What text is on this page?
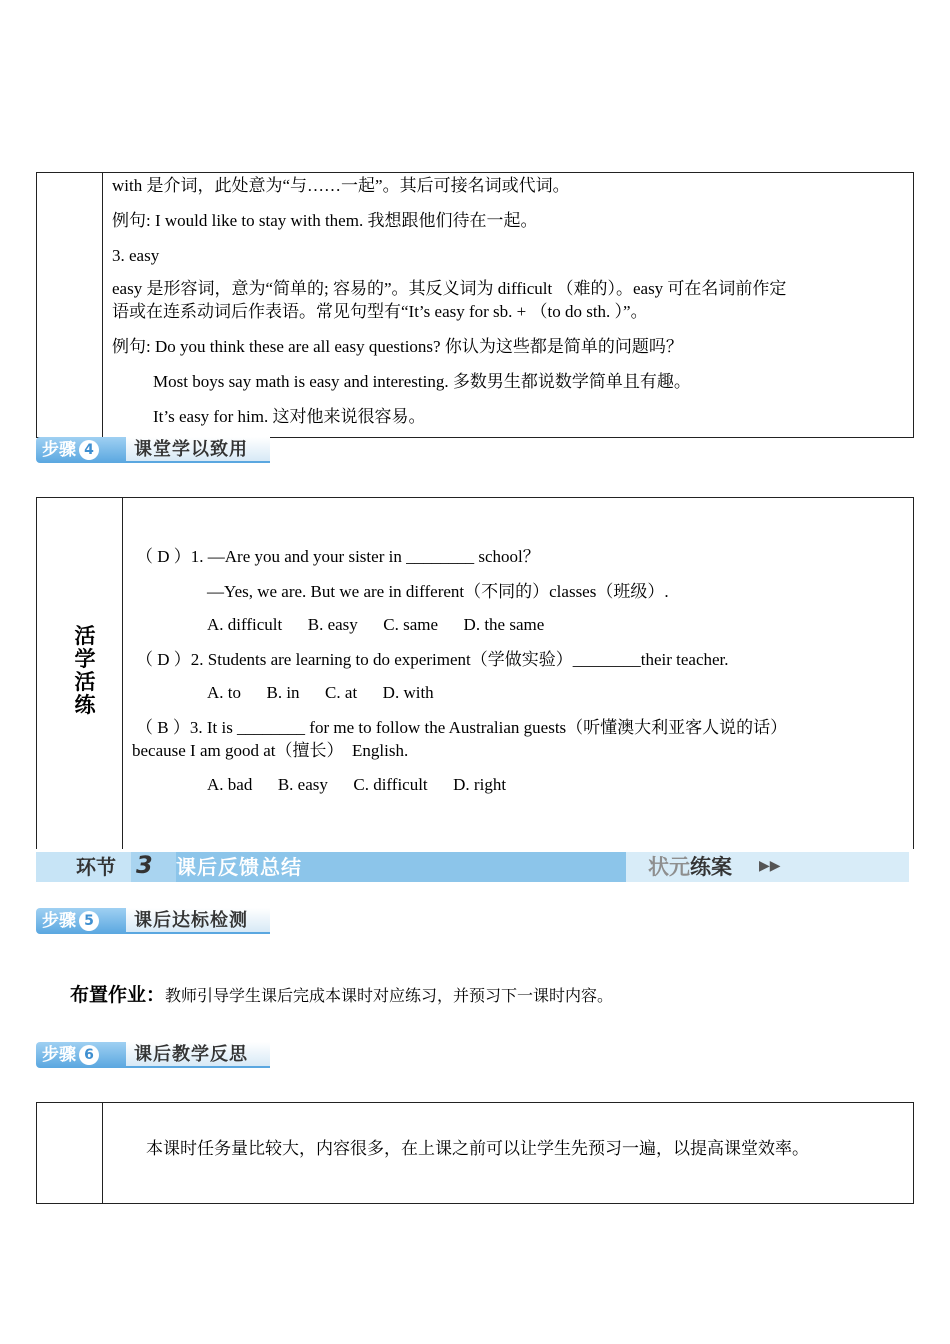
with 是介词，此处意为“与……一起”。其后可接名词或代词。
例句: I would like to stay with them. 我想跟他们待在一起。
3. easy
easy 是形容词，意为“简单的; 容易的”。其反义词为 difficult （难的）。easy 可在名词前作定
语或在连系动词后作表语。常见句型有“It’s easy for sb. + （to do sth. ）”。
例句: Do you think these are all easy questions? 你认为这些都是简单的问题吗？
Most boys say math is easy and interesting. 多数男生都说数学简单且有趣。
It’s easy for him. 这对他来说很容易。
步骤 4	课堂学以致用
活
学
活
练
（ D ）1. —Are you and your sister in ________ school？
—Yes, we are. But we are in different（不同的）classes（班级）.
A. difficult      B. easy      C. same      D. the same
（ D ）2. Students are learning to do experiment（学做实验）________their teacher.
A. to      B. in      C. at      D. with
（ B ）3. It is ________ for me to follow the Australian guests（听懂澳大利亚客人说的话）
because I am good at（擅长）  English.
A. bad      B. easy      C. difficult      D. right
环节 3 课后反馈总结	状元练案 ▶▶
步骤 5	课后达标检测
布置作业：教师引导学生课后完成本课时对应练习，并预习下一课时内容。
步骤 6	课后教学反思
本课时任务量比较大，内容很多，在上课之前可以让学生先预习一遍，以提高课堂效率。
